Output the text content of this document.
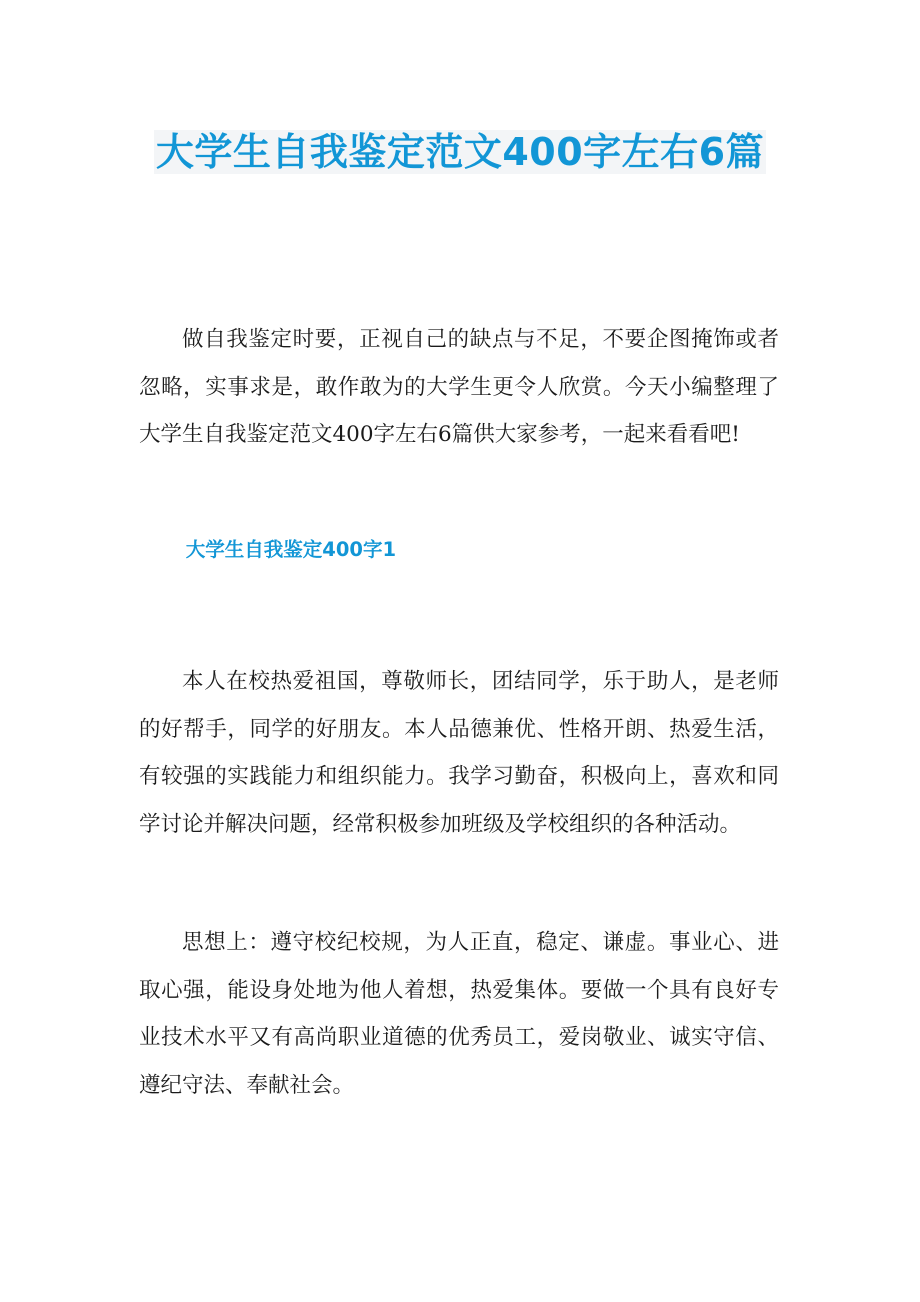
大学生自我鉴定范文400字左右6篇

做自我鉴定时要，正视自己的缺点与不足，不要企图掩饰或者忽略，实事求是，敢作敢为的大学生更令人欣赏。今天小编整理了大学生自我鉴定范文400字左右6篇供大家参考，一起来看看吧!

大学生自我鉴定400字1

本人在校热爱祖国，尊敬师长，团结同学，乐于助人，是老师的好帮手，同学的好朋友。本人品德兼优、性格开朗、热爱生活，有较强的实践能力和组织能力。我学习勤奋，积极向上，喜欢和同学讨论并解决问题，经常积极参加班级及学校组织的各种活动。

思想上：遵守校纪校规，为人正直，稳定、谦虚。事业心、进取心强，能设身处地为他人着想，热爱集体。要做一个具有良好专业技术水平又有高尚职业道德的优秀员工，爱岗敬业、诚实守信、遵纪守法、奉献社会。
